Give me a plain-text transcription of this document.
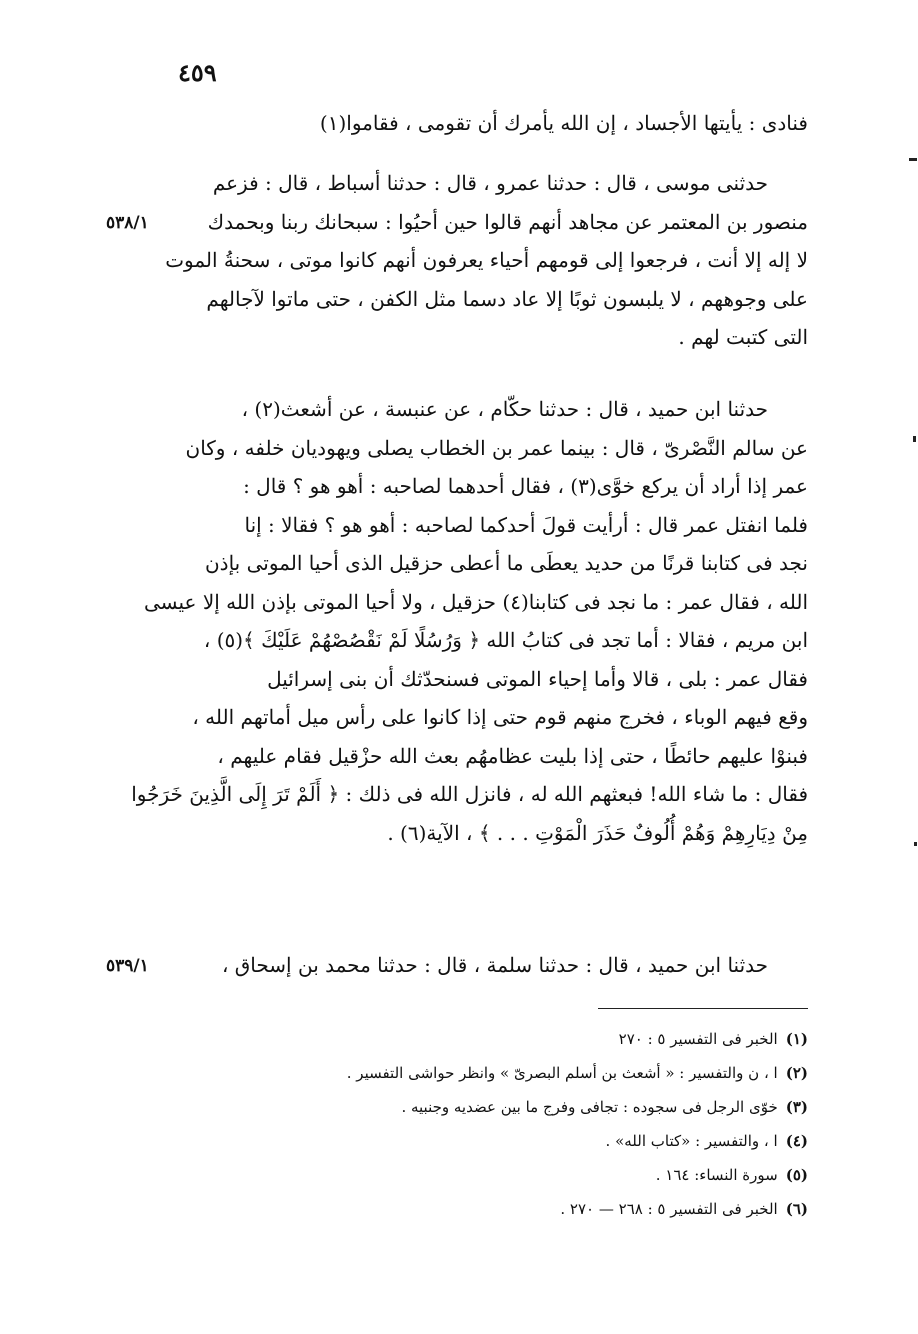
٤٥٩
فنادى : يأيتها الأجساد ، إن الله يأمرك أن تقومى ، فقاموا(١)
حدثنى موسى ، قال : حدثنا عمرو ، قال : حدثنا أسباط ، قال : فزعم
منصور بن المعتمر عن مجاهد أنهم قالوا حين أحيُوا : سبحانك ربنا وبحمدك
لا إله إلا أنت ، فرجعوا إلى قومهم أحياء يعرفون أنهم كانوا موتى ، سحنةُ الموت
على وجوههم ، لا يلبسون ثوبًا إلا عاد دسما مثل الكفن ، حتى ماتوا لآجالهم
التى كتبت لهم .
٥٣٨/١
حدثنا ابن حميد ، قال : حدثنا حكّام ، عن عنبسة ، عن أشعث(٢) ،
عن سالم النَّصْرىّ ، قال : بينما عمر بن الخطاب يصلى ويهوديان خلفه ، وكان
عمر إذا أراد أن يركع خوَّى(٣) ، فقال أحدهما لصاحبه : أهو هو ؟ قال :
فلما انفتل عمر قال : أرأيت قولَ أحدكما لصاحبه : أهو هو ؟ فقالا : إنا
نجد فى كتابنا قرنًا من حديد يعطَى ما أعطى حزقيل الذى أحيا الموتى بإذن
الله ، فقال عمر : ما نجد فى كتابنا(٤) حزقيل ، ولا أحيا الموتى بإذن الله إلا عيسى
ابن مريم ، فقالا : أما تجد فى كتابُ الله ﴿ وَرُسُلًا لَمْ نَقْصُصْهُمْ عَلَيْكَ ﴾(٥) ،
فقال عمر : بلى ، قالا وأما إحياء الموتى فسنحدّثك أن بنى إسرائيل
وقع فيهم الوباء ، فخرج منهم قوم حتى إذا كانوا على رأس ميل أماتهم الله ،
فبنوْا عليهم حائطًا ، حتى إذا بليت عظامهُم بعث الله حزْقيل فقام عليهم ،
فقال : ما شاء الله! فبعثهم الله له ، فانزل الله فى ذلك : ﴿ أَلَمْ تَرَ إِلَى الَّذِينَ خَرَجُوا
مِنْ دِيَارِهِمْ وَهُمْ أُلُوفٌ حَذَرَ الْمَوْتِ . . . ﴾ ، الآية(٦) .
حدثنا ابن حميد ، قال : حدثنا سلمة ، قال : حدثنا محمد بن إسحاق ،
٥٣٩/١
(١)الخبر فى التفسير ٥ : ٢٧٠
(٢)ا ، ن والتفسير : « أشعث بن أسلم البصرىّ » وانظر حواشى التفسير .
(٣)خوّى الرجل فى سجوده : تجافى وفرج ما بين عضديه وجنبيه .
(٤)ا ، والتفسير : «كتاب الله» .
(٥)سورة النساء: ١٦٤ .
(٦)الخبر فى التفسير ٥ : ٢٦٨ — ٢٧٠ .
